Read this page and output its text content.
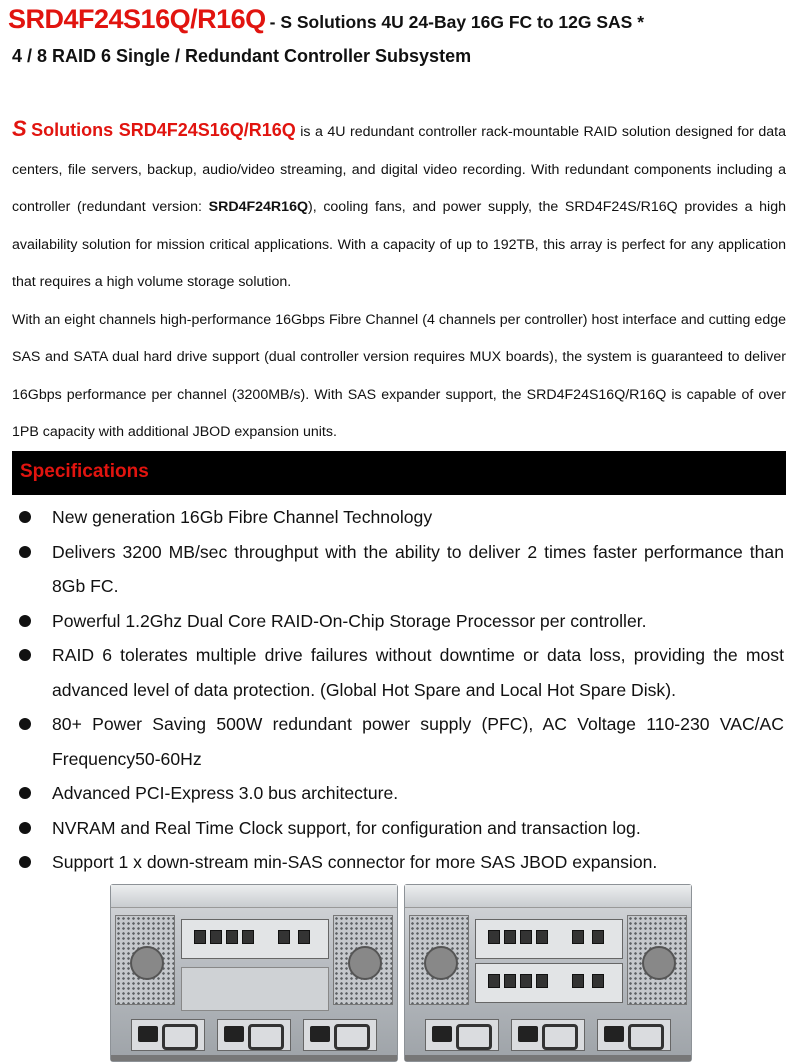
SRD4F24S16Q/R16Q - S Solutions 4U 24-Bay 16G FC to 12G SAS *
4 / 8 RAID 6 Single / Redundant Controller Subsystem

S Solutions SRD4F24S16Q/R16Q is a 4U redundant controller rack-mountable RAID solution designed for data centers, file servers, backup, audio/video streaming, and digital video recording. With redundant components including a controller (redundant version: SRD4F24R16Q), cooling fans, and power supply, the SRD4F24S/R16Q provides a high availability solution for mission critical applications. With a capacity of up to 192TB, this array is perfect for any application that requires a high volume storage solution.

With an eight channels high-performance 16Gbps Fibre Channel (4 channels per controller) host interface and cutting edge SAS and SATA dual hard drive support (dual controller version requires MUX boards), the system is guaranteed to deliver 16Gbps performance per channel (3200MB/s). With SAS expander support, the SRD4F24S16Q/R16Q is capable of over 1PB capacity with additional JBOD expansion units.

Specifications
New generation 16Gb Fibre Channel Technology
Delivers 3200 MB/sec throughput with the ability to deliver 2 times faster performance than 8Gb FC.
Powerful 1.2Ghz Dual Core RAID-On-Chip Storage Processor per controller.
RAID 6 tolerates multiple drive failures without downtime or data loss, providing the most advanced level of data protection. (Global Hot Spare and Local Hot Spare Disk).
80+ Power Saving 500W redundant power supply (PFC), AC Voltage 110-230 VAC/AC Frequency50-60Hz
Advanced PCI-Express 3.0 bus architecture.
NVRAM and Real Time Clock support, for configuration and transaction log.
Support 1 x down-stream min-SAS connector for more SAS JBOD expansion.
